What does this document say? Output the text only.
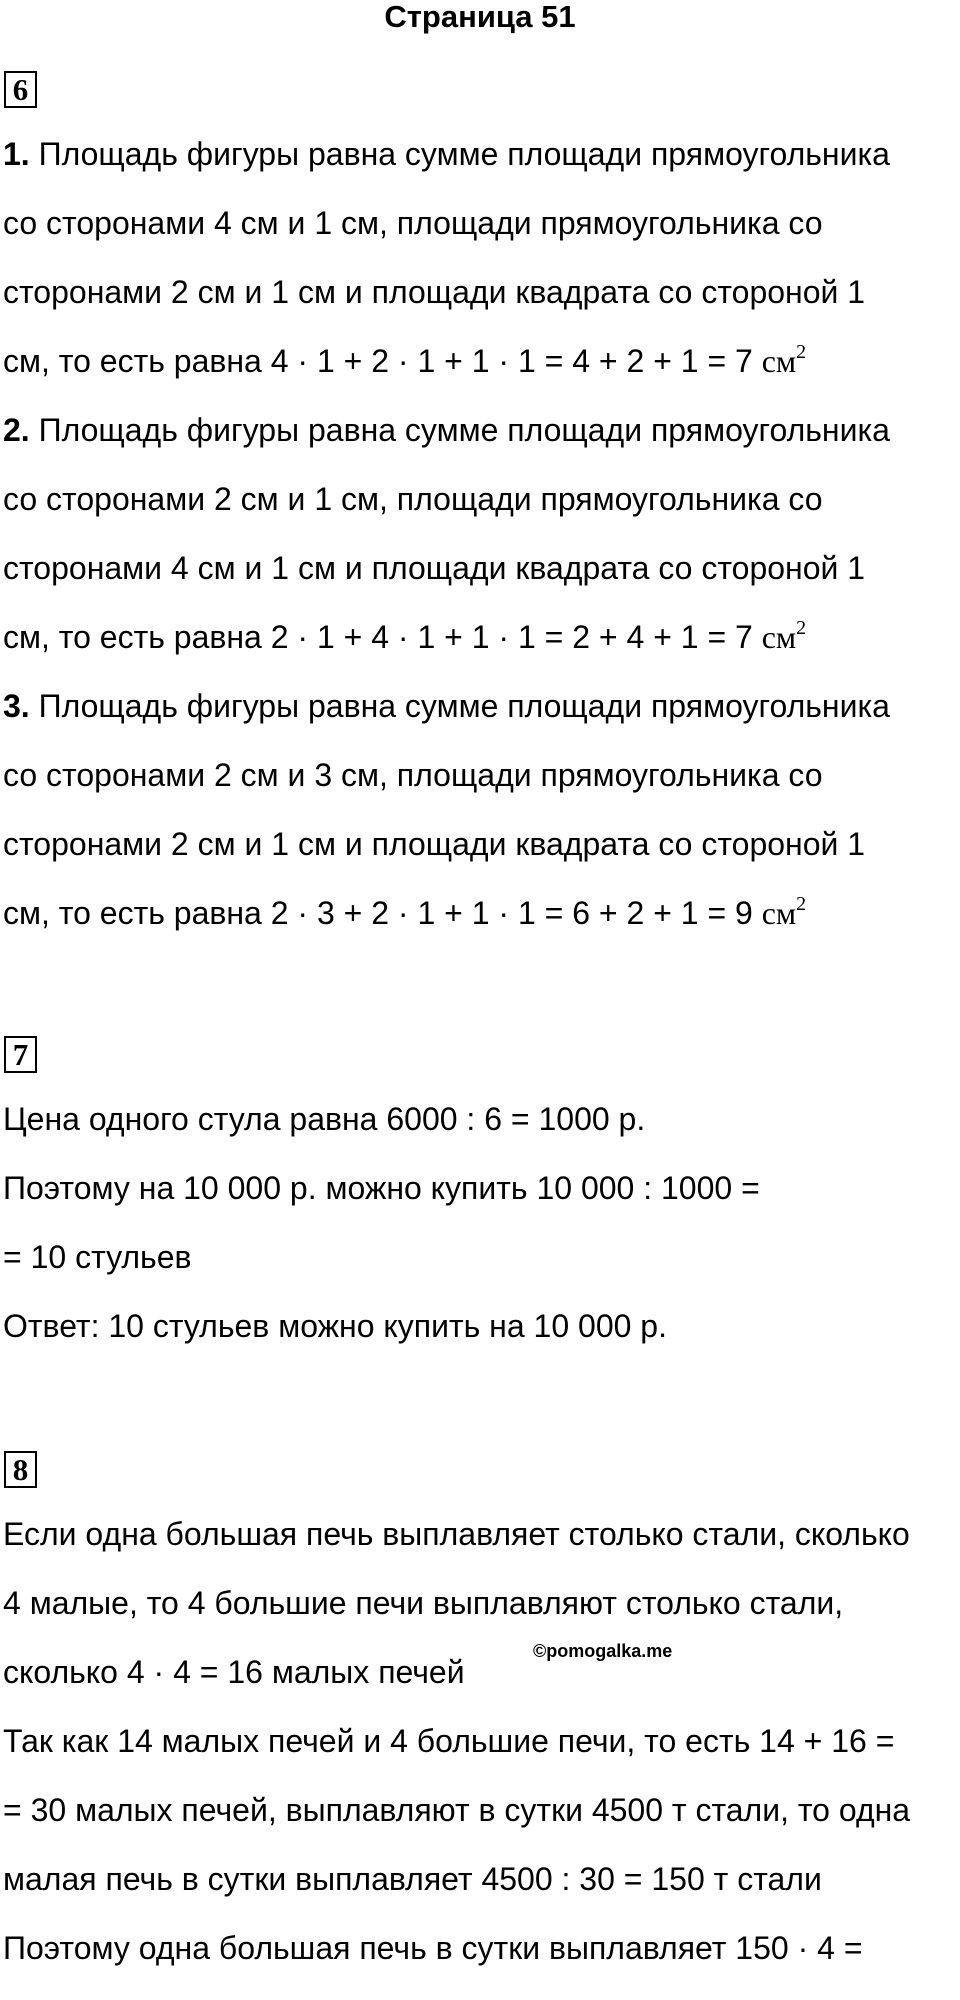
Страница 51
6
1. Площадь фигуры равна сумме площади прямоугольника
со сторонами 4 см и 1 см, площади прямоугольника со
сторонами 2 см и 1 см и площади квадрата со стороной 1
см, то есть равна 4 · 1 + 2 · 1 + 1 · 1 = 4 + 2 + 1 = 7 $см^2$
2. Площадь фигуры равна сумме площади прямоугольника
со сторонами 2 см и 1 см, площади прямоугольника со
сторонами 4 см и 1 см и площади квадрата со стороной 1
см, то есть равна 2 · 1 + 4 · 1 + 1 · 1 = 2 + 4 + 1 = 7 $см^2$
3. Площадь фигуры равна сумме площади прямоугольника
со сторонами 2 см и 3 см, площади прямоугольника со
сторонами 2 см и 1 см и площади квадрата со стороной 1
см, то есть равна 2 · 3 + 2 · 1 + 1 · 1 = 6 + 2 + 1 = 9 $см^2$
7
Цена одного стула равна 6000 : 6 = 1000 р.
Поэтому на 10 000 р. можно купить 10 000 : 1000 =
= 10 стульев
Ответ: 10 стульев можно купить на 10 000 р.
8
Если одна большая печь выплавляет столько стали, сколько
4 малые, то 4 большие печи выплавляют столько стали,
сколько 4 · 4 = 16 малых печей
©pomogalka.me
Так как 14 малых печей и 4 большие печи, то есть 14 + 16 =
= 30 малых печей, выплавляют в сутки 4500 т стали, то одна
малая печь в сутки выплавляет 4500 : 30 = 150 т стали
Поэтому одна большая печь в сутки выплавляет 150 · 4 =
